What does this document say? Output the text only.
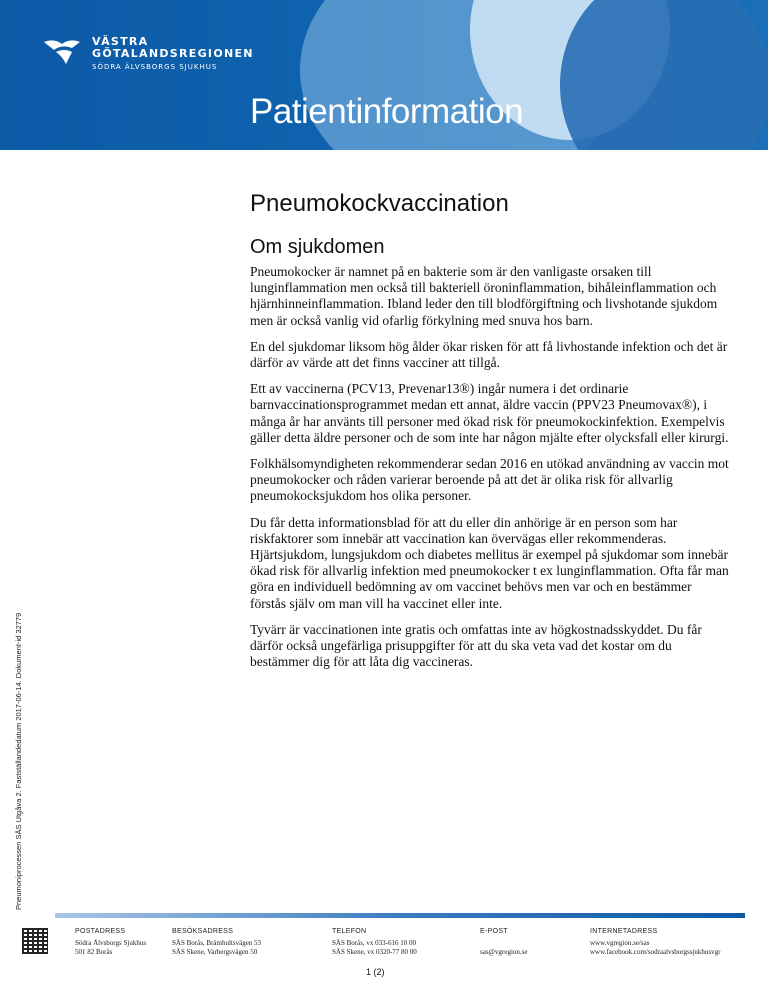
VÄSTRA
GÖTALANDSREGIONEN
SÖDRA ÄLVSBORGS SJUKHUS
Patientinformation
Pneumokockvaccination
Om sjukdomen

Pneumokocker är namnet på en bakterie som är den vanligaste orsaken till lunginflammation men också till bakteriell öroninflammation, bihåleinflammation och hjärnhinneinflammation. Ibland leder den till blodförgiftning och livshotande sjukdom men är också vanlig vid ofarlig förkylning med snuva hos barn.

En del sjukdomar liksom hög ålder ökar risken för att få livhostande infektion och det är därför av värde att det finns vacciner att tillgå.

Ett av vaccinerna (PCV13, Prevenar13®) ingår numera i det ordinarie barnvaccinationsprogrammet medan ett annat, äldre vaccin (PPV23 Pneumovax®), i många år har använts till personer med ökad risk för pneumokockinfektion. Exempelvis gäller detta äldre personer och de som inte har någon mjälte efter olycksfall eller kirurgi.

Folkhälsomyndigheten rekommenderar sedan 2016 en utökad användning av vaccin mot pneumokocker och råden varierar beroende på att det är olika risk för allvarlig pneumokocksjukdom hos olika personer.

Du får detta informationsblad för att du eller din anhörige är en person som har riskfaktorer som innebär att vaccination kan övervägas eller rekommenderas. Hjärtsjukdom, lungsjukdom och diabetes mellitus är exempel på sjukdomar som innebär ökad risk för allvarlig infektion med pneumokocker t ex lunginflammation. Ofta får man göra en individuell bedömning av om vaccinet behövs men var och en bestämmer förstås själv om man vill ha vaccinet eller inte.

Tyvärr är vaccinationen inte gratis och omfattas inte av högkostnadsskyddet. Du får därför också ungefärliga prisuppgifter för att du ska veta vad det kostar om du bestämmer dig för att låta dig vaccineras.

Pneumoniprocessen SÄS Utgåva 2. Fastställandedatum 2017-06-14. Dokument-id 32779
POSTADRESS
Södra Älvsborgs Sjukhus
501 82 Borås
BESÖKSADRESS
SÄS Borås, Brämhultsvägen 53
SÄS Skene, Varbergsvägen 50
TELEFON
SÄS Borås, vx 033-616 10 00
SÄS Skene, vx 0320-77 80 00
E-POST
sas@vgregion.se
INTERNETADRESS
www.vgregion.se/sas
www.facebook.com/sodraalvsborgssjukhusvgr
1 (2)
